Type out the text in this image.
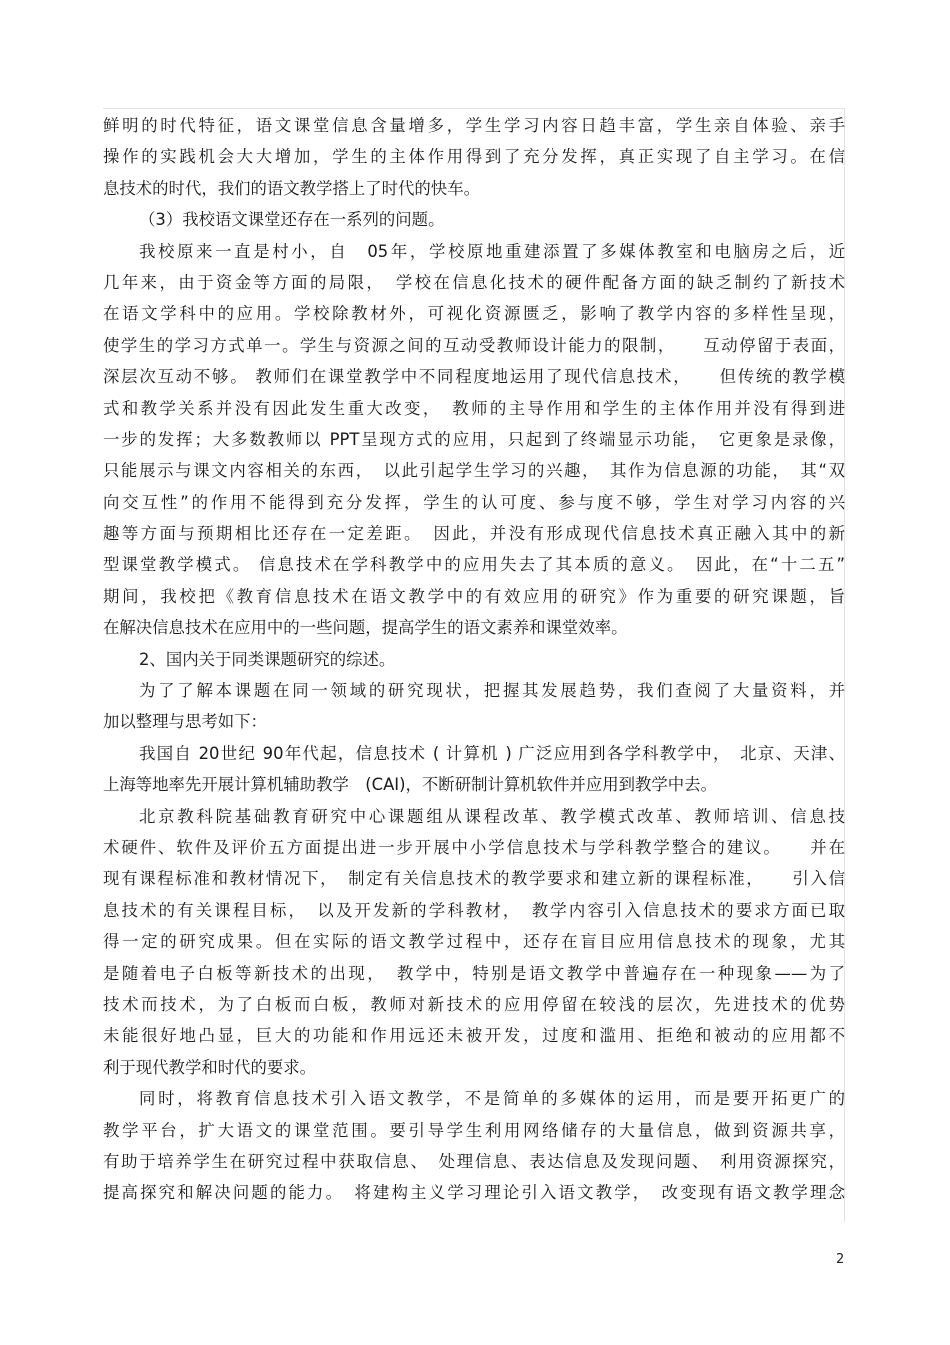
鲜明的时代特征，语文课堂信息含量增多，学生学习内容日趋丰富，学生亲自体验、亲手
操作的实践机会大大增加，学生的主体作用得到了充分发挥，真正实现了自主学习。在信
息技术的时代，我们的语文教学搭上了时代的快车。
（3）我校语文课堂还存在一系列的问题。
我校原来一直是村小，自　05年，学校原地重建添置了多媒体教室和电脑房之后，近
几年来，由于资金等方面的局限，　学校在信息化技术的硬件配备方面的缺乏制约了新技术
在语文学科中的应用。学校除教材外，可视化资源匮乏，影响了教学内容的多样性呈现，
使学生的学习方式单一。学生与资源之间的互动受教师设计能力的限制，　　互动停留于表面，
深层次互动不够。 教师们在课堂教学中不同程度地运用了现代信息技术，　　但传统的教学模
式和教学关系并没有因此发生重大改变，　教师的主导作用和学生的主体作用并没有得到进
一步的发挥；大多数教师以 PPT呈现方式的应用，只起到了终端显示功能，　它更象是录像，
只能展示与课文内容相关的东西，　以此引起学生学习的兴趣，　其作为信息源的功能，　其“双
向交互性”的作用不能得到充分发挥，学生的认可度、参与度不够，学生对学习内容的兴
趣等方面与预期相比还存在一定差距。　因此，并没有形成现代信息技术真正融入其中的新
型课堂教学模式。 信息技术在学科教学中的应用失去了其本质的意义。　因此，在“十二五”
期间，我校把《教育信息技术在语文教学中的有效应用的研究》作为重要的研究课题，旨
在解决信息技术在应用中的一些问题，提高学生的语文素养和课堂效率。
2、国内关于同类课题研究的综述。
为了了解本课题在同一领域的研究现状，把握其发展趋势，我们查阅了大量资料，并
加以整理与思考如下：
我国自 20世纪 90年代起，信息技术 ( 计算机 ) 广泛应用到各学科教学中，　北京、天津、
上海等地率先开展计算机辅助教学　(CAI)，不断研制计算机软件并应用到教学中去。
北京教科院基础教育研究中心课题组从课程改革、教学模式改革、教师培训、信息技
术硬件、软件及评价五方面提出进一步开展中小学信息技术与学科教学整合的建议。　　并在
现有课程标准和教材情况下，　制定有关信息技术的教学要求和建立新的课程标准，　　引入信
息技术的有关课程目标，　以及开发新的学科教材，　教学内容引入信息技术的要求方面已取
得一定的研究成果。但在实际的语文教学过程中，还存在盲目应用信息技术的现象，尤其
是随着电子白板等新技术的出现，　教学中，特别是语文教学中普遍存在一种现象——为了
技术而技术，为了白板而白板，教师对新技术的应用停留在较浅的层次，先进技术的优势
未能很好地凸显，巨大的功能和作用远还未被开发，过度和滥用、拒绝和被动的应用都不
利于现代教学和时代的要求。
同时，将教育信息技术引入语文教学，不是简单的多媒体的运用，而是要开拓更广的
教学平台，扩大语文的课堂范围。要引导学生利用网络储存的大量信息，做到资源共享，
有助于培养学生在研究过程中获取信息、　处理信息、表达信息及发现问题、　利用资源探究，
提高探究和解决问题的能力。　将建构主义学习理论引入语文教学，　改变现有语文教学理念
2
